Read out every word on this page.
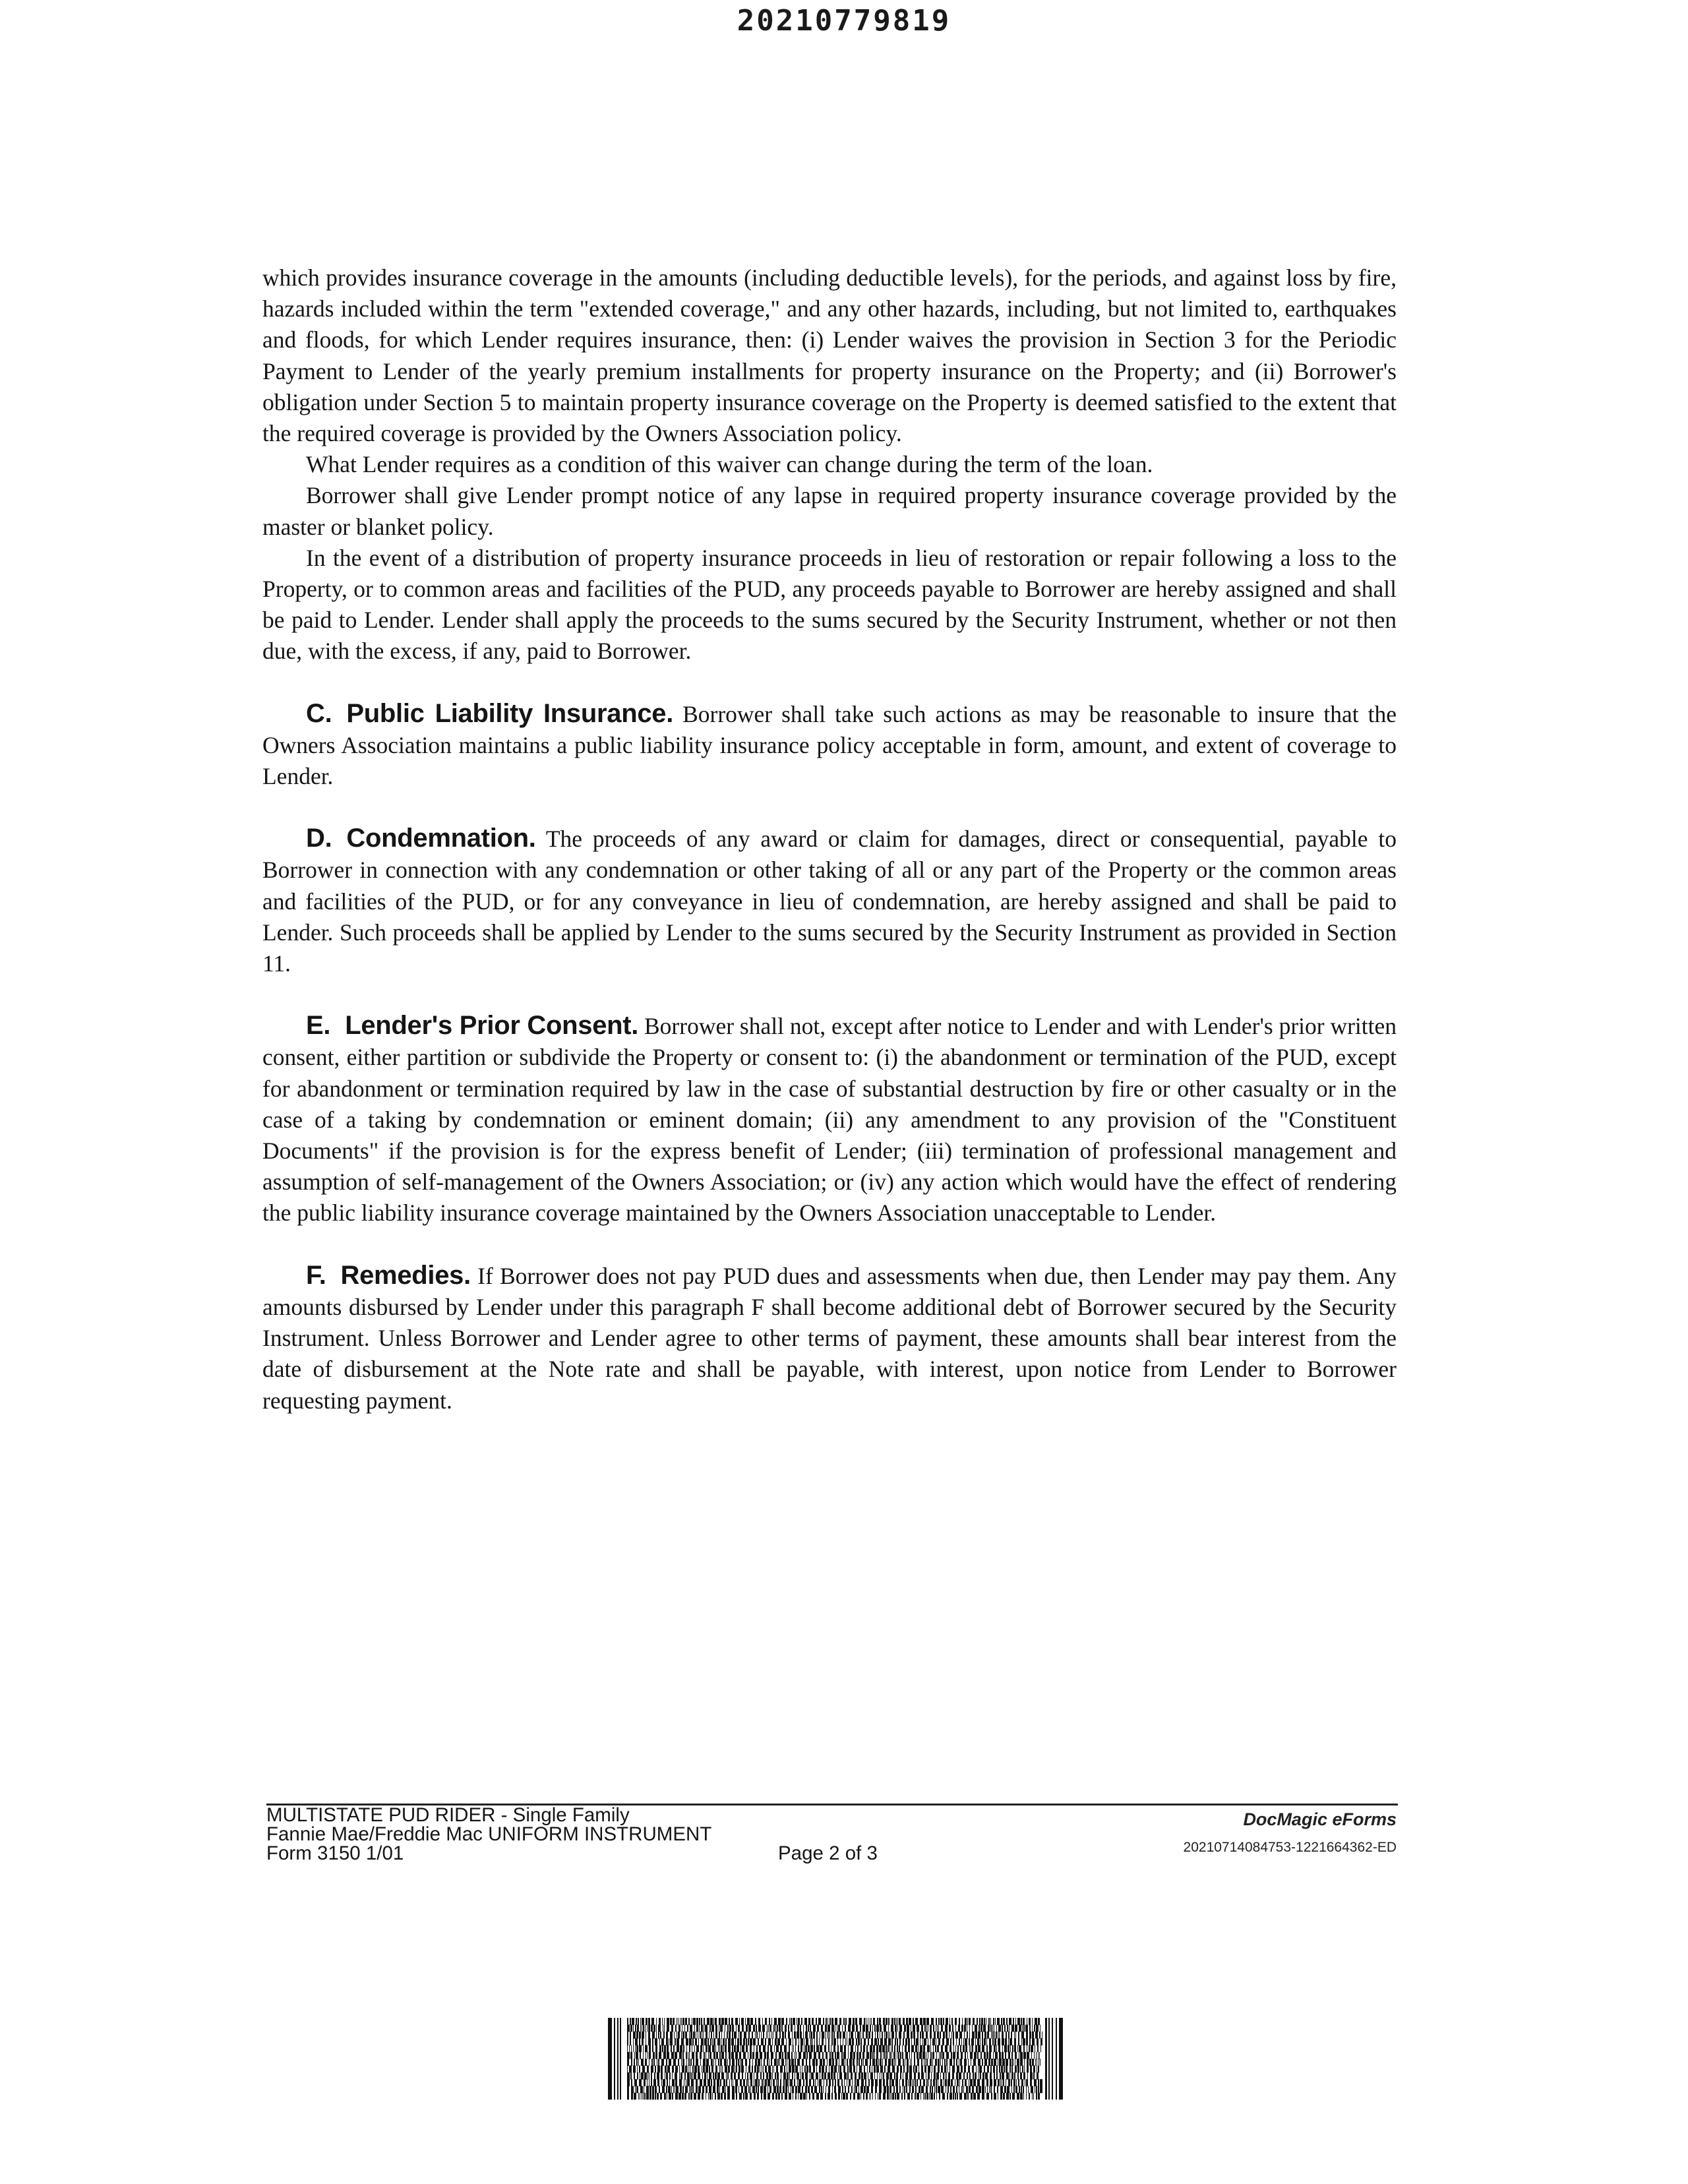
20210779819

which provides insurance coverage in the amounts (including deductible levels), for the periods, and against loss by fire, hazards included within the term "extended coverage," and any other hazards, including, but not limited to, earthquakes and floods, for which Lender requires insurance, then: (i) Lender waives the provision in Section 3 for the Periodic Payment to Lender of the yearly premium installments for property insurance on the Property; and (ii) Borrower's obligation under Section 5 to maintain property insurance coverage on the Property is deemed satisfied to the extent that the required coverage is provided by the Owners Association policy.

What Lender requires as a condition of this waiver can change during the term of the loan.

Borrower shall give Lender prompt notice of any lapse in required property insurance coverage provided by the master or blanket policy.

In the event of a distribution of property insurance proceeds in lieu of restoration or repair following a loss to the Property, or to common areas and facilities of the PUD, any proceeds payable to Borrower are hereby assigned and shall be paid to Lender. Lender shall apply the proceeds to the sums secured by the Security Instrument, whether or not then due, with the excess, if any, paid to Borrower.

C. Public Liability Insurance. Borrower shall take such actions as may be reasonable to insure that the Owners Association maintains a public liability insurance policy acceptable in form, amount, and extent of coverage to Lender.

D. Condemnation. The proceeds of any award or claim for damages, direct or consequential, payable to Borrower in connection with any condemnation or other taking of all or any part of the Property or the common areas and facilities of the PUD, or for any conveyance in lieu of condemnation, are hereby assigned and shall be paid to Lender. Such proceeds shall be applied by Lender to the sums secured by the Security Instrument as provided in Section 11.

E. Lender's Prior Consent. Borrower shall not, except after notice to Lender and with Lender's prior written consent, either partition or subdivide the Property or consent to: (i) the abandonment or termination of the PUD, except for abandonment or termination required by law in the case of substantial destruction by fire or other casualty or in the case of a taking by condemnation or eminent domain; (ii) any amendment to any provision of the "Constituent Documents" if the provision is for the express benefit of Lender; (iii) termination of professional management and assumption of self-management of the Owners Association; or (iv) any action which would have the effect of rendering the public liability insurance coverage maintained by the Owners Association unacceptable to Lender.

F. Remedies. If Borrower does not pay PUD dues and assessments when due, then Lender may pay them. Any amounts disbursed by Lender under this paragraph F shall become additional debt of Borrower secured by the Security Instrument. Unless Borrower and Lender agree to other terms of payment, these amounts shall bear interest from the date of disbursement at the Note rate and shall be payable, with interest, upon notice from Lender to Borrower requesting payment.

MULTISTATE PUD RIDER - Single Family
Fannie Mae/Freddie Mac UNIFORM INSTRUMENT
Form 3150 1/01	Page 2 of 3
DocMagic eForms
20210714084753-1221664362-ED
